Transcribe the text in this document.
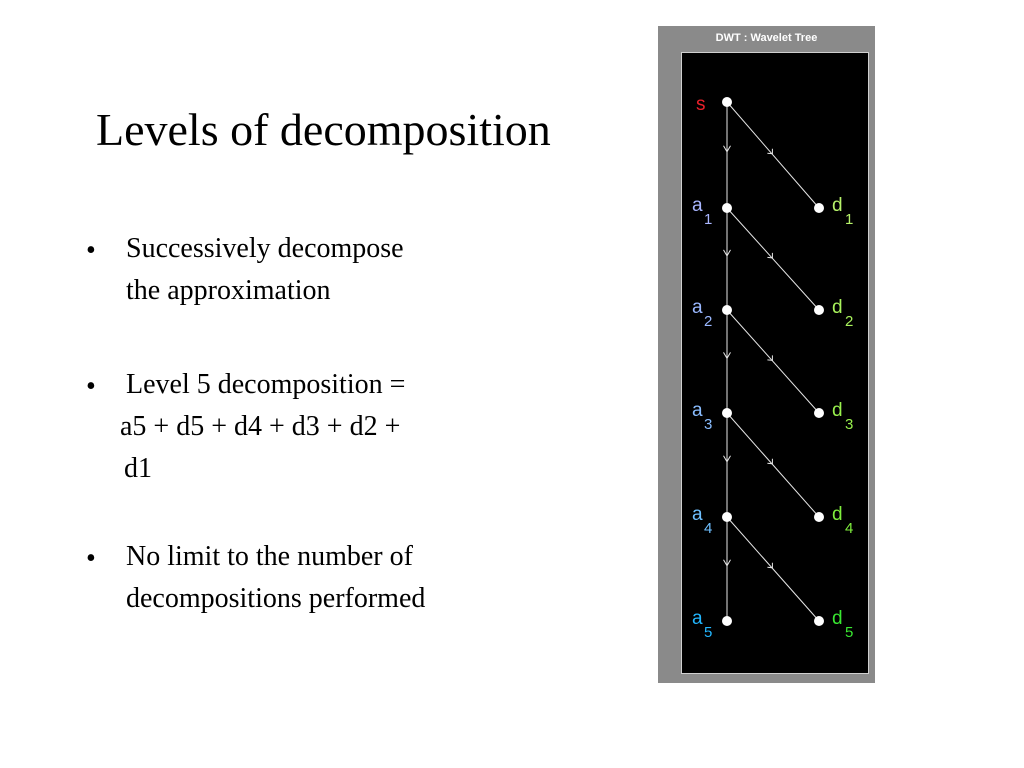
Levels of decomposition
• Successively decompose
the approximation
• Level 5 decomposition =
a5 + d5 + d4 + d3 + d2 +
d1
• No limit to the number of
decompositions performed
DWT : Wavelet Tree
s
a
1
d
1
a
2
d
2
a
3
d
3
a
4
d
4
a
5
d
5
